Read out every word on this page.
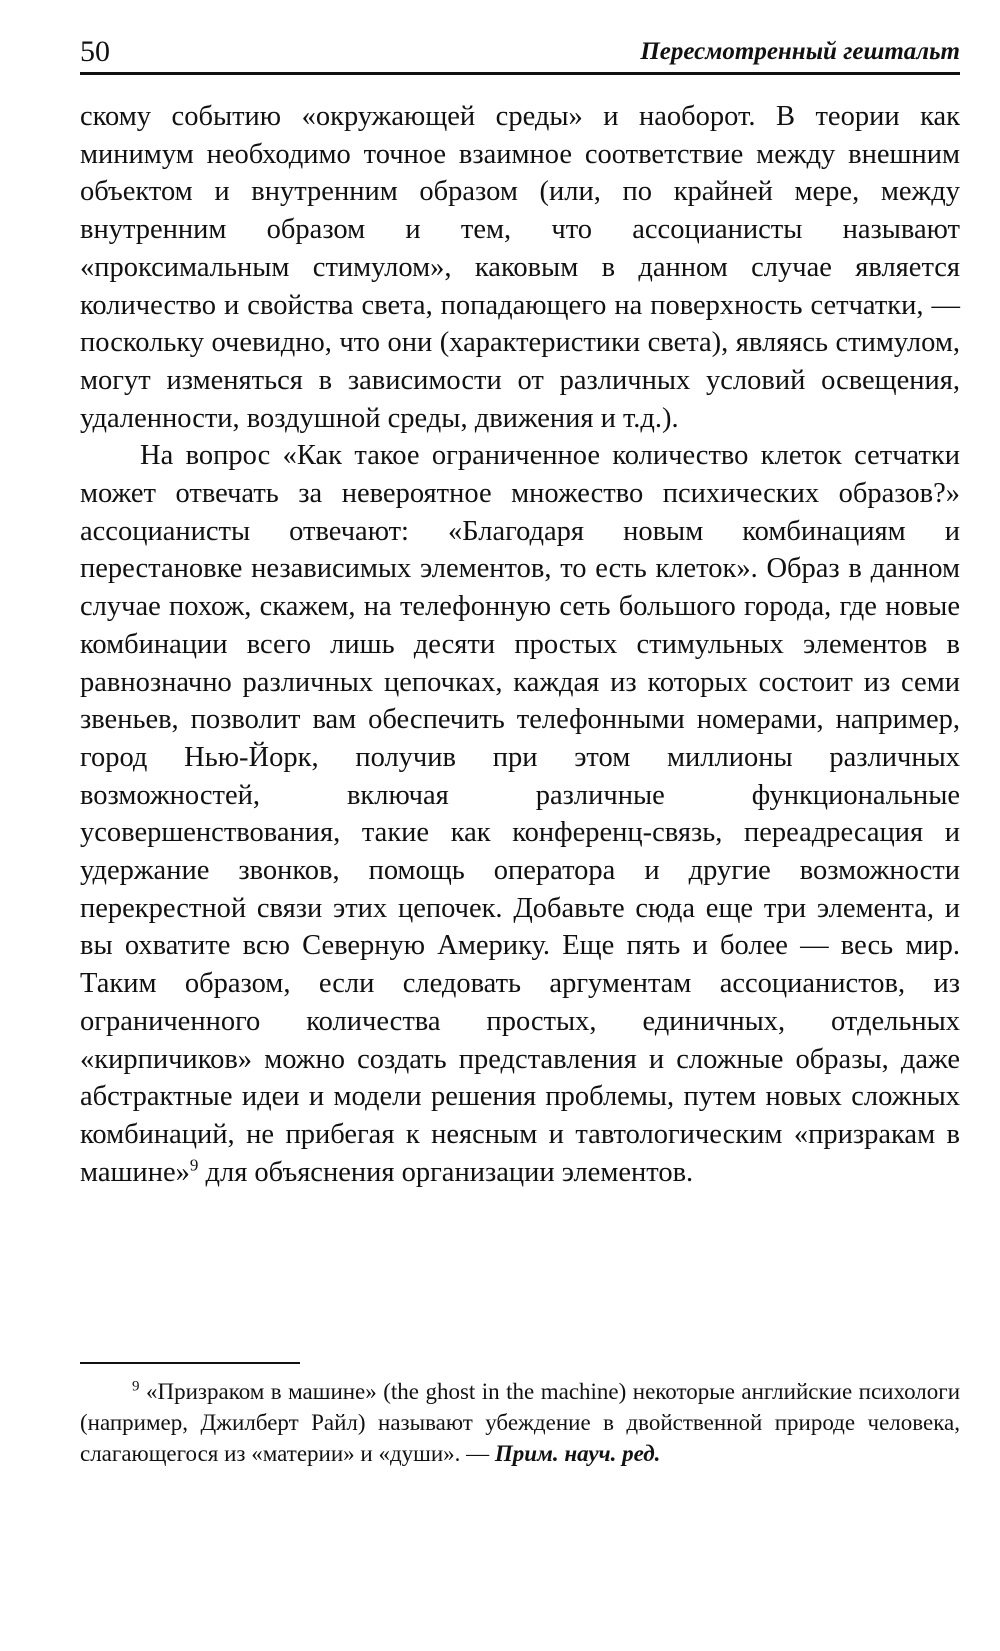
50	Пересмотренный гештальт

скому событию «окружающей среды» и наоборот. В теории как минимум необходимо точное взаимное соответствие между внешним объектом и внутренним образом (или, по крайней мере, между внутренним образом и тем, что ассоцианисты называют «проксимальным стимулом», каковым в данном случае является количество и свойства света, попадающего на поверхность сетчатки, — поскольку очевидно, что они (характеристики света), являясь стимулом, могут изменяться в зависимости от различных условий освещения, удаленности, воздушной среды, движения и т.д.).

На вопрос «Как такое ограниченное количество клеток сетчатки может отвечать за невероятное множество психических образов?» ассоцианисты отвечают: «Благодаря новым комбинациям и перестановке независимых элементов, то есть клеток». Образ в данном случае похож, скажем, на телефонную сеть большого города, где новые комбинации всего лишь десяти простых стимульных элементов в равнозначно различных цепочках, каждая из которых состоит из семи звеньев, позволит вам обеспечить телефонными номерами, например, город Нью-Йорк, получив при этом миллионы различных возможностей, включая различные функциональные усовершенствования, такие как конференц-связь, переадресация и удержание звонков, помощь оператора и другие возможности перекрестной связи этих цепочек. Добавьте сюда еще три элемента, и вы охватите всю Северную Америку. Еще пять и более — весь мир. Таким образом, если следовать аргументам ассоцианистов, из ограниченного количества простых, единичных, отдельных «кирпичиков» можно создать представления и сложные образы, даже абстрактные идеи и модели решения проблемы, путем новых сложных комбинаций, не прибегая к неясным и тавтологическим «призракам в машине»$^9$ для объяснения организации элементов.

$^9$ «Призраком в машине» (the ghost in the machine) некоторые английские психологи (например, Джилберт Райл) называют убеждение в двойственной природе человека, слагающегося из «материи» и «души». — Прим. науч. ред.
